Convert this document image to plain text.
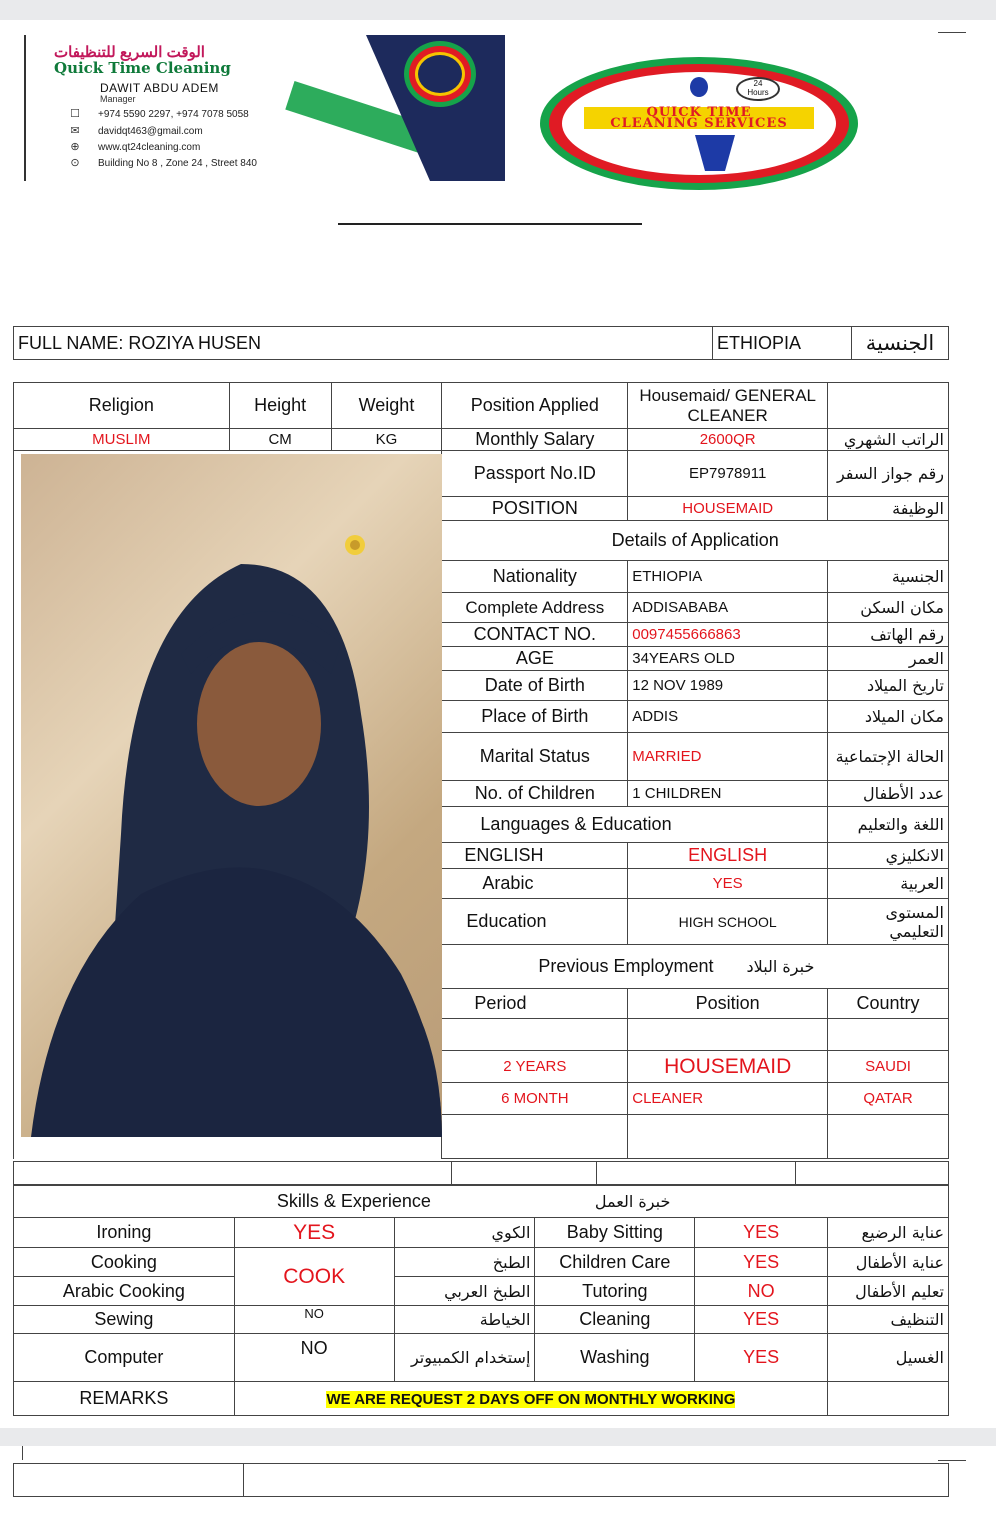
الوقت السريع للتنظيفات
Quick Time Cleaning
DAWIT ABDU ADEM
Manager
☐ +974 5590 2297, +974 7078 5058
✉ davidqt463@gmail.com
⊕ www.qt24cleaning.com
⊙ Building No 8 , Zone 24 , Street 840
24
Hours
QUICK TIME
CLEANING SERVICES
FULL NAME: ROZIYA HUSEN	ETHIOPIA	الجنسية
Religion	Height	Weight	Position Applied	Housemaid/ GENERAL CLEANER	
MUSLIM	CM	KG	Monthly Salary	2600QR	الراتب الشهري
			Passport No.ID	EP7978911	رقم جواز السفر
			POSITION	HOUSEMAID	الوظيفة
			Details of Application		
			Nationality	ETHIOPIA	الجنسية
			Complete Address	ADDISABABA	مكان السكن
			CONTACT NO.	0097455666863	رقم الهاتف
			AGE	34YEARS OLD	العمر
			Date of Birth	12 NOV 1989	تاريخ الميلاد
			Place of Birth	ADDIS	مكان الميلاد
			Marital Status	MARRIED	الحالة الإجتماعية
			No. of Children	1 CHILDREN	عدد الأطفال
			Languages & Education		اللغة والتعليم
			ENGLISH	ENGLISH	الانكليزي
			Arabic	YES	العربية
			Education	HIGH SCHOOL	المستوى التعليمي
			Previous Employment خبرة البلاد		
			Period	Position	Country

			2 YEARS	HOUSEMAID	SAUDI
			6 MONTH	CLEANER	QATAR

Skills & Experience			خبرة العمل		
Ironing	YES	الكوي	Baby Sitting	YES	عناية الرضيع
Cooking	COOK	الطبخ	Children Care	YES	عناية الأطفال
Arabic Cooking		الطبخ العربي	Tutoring	NO	تعليم الأطفال
Sewing	NO	الخياطة	Cleaning	YES	التنظيف
Computer	NO	إستخدام الكمبيوتر	Washing	YES	الغسيل
REMARKS	WE ARE REQUEST 2 DAYS OFF ON MONTHLY WORKING				
